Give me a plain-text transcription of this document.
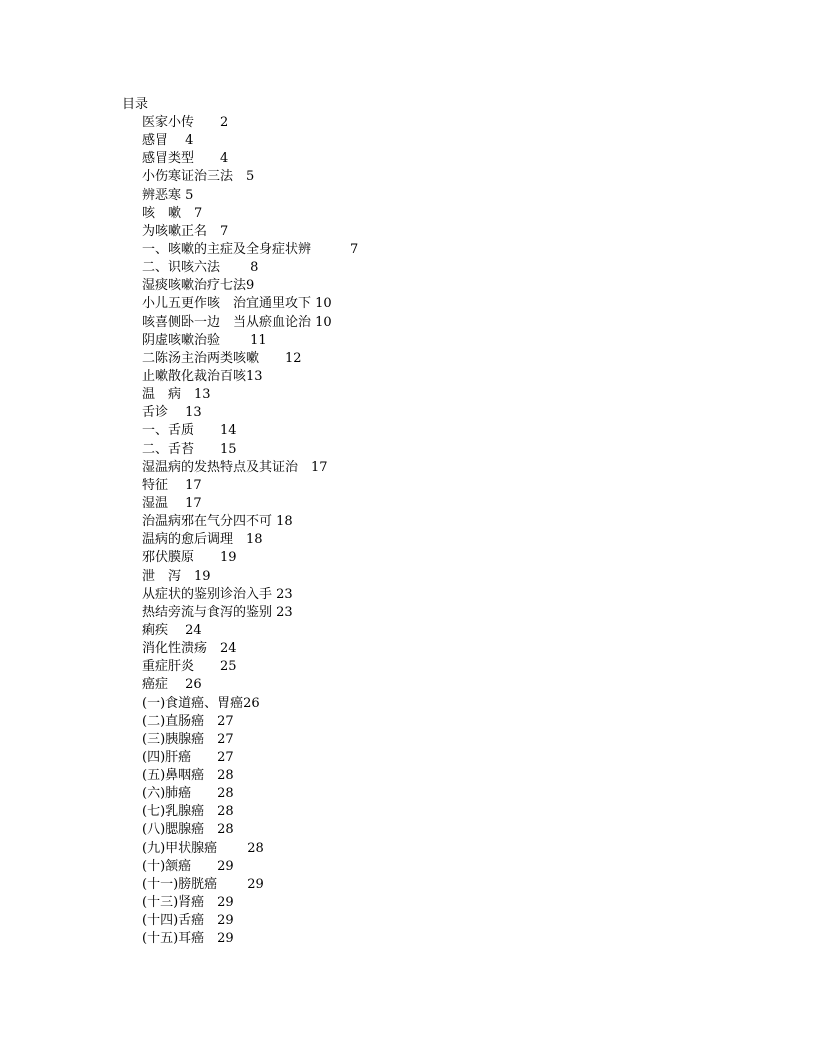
目录
医家小传　　2
感冒　 4
感冒类型　　4
小伤寒证治三法　5
辨恶寒 5
咳　嗽　7
为咳嗽正名　7
一、咳嗽的主症及全身症状辨　　　7
二、识咳六法　　 8
湿痰咳嗽治疗七法9
小儿五更作咳　治宜通里攻下 10
咳喜侧卧一边　当从瘀血论治 10
阴虚咳嗽治验　　 11
二陈汤主治两类咳嗽　　12
止嗽散化裁治百咳13
温　病　13
舌诊　 13
一、舌质　　14
二、舌苔　　15
湿温病的发热特点及其证治　17
特征　 17
湿温　 17
治温病邪在气分四不可 18
温病的愈后调理　18
邪伏膜原　　19
泄　泻　19
从症状的鉴别诊治入手 23
热结旁流与食泻的鉴别 23
痢疾　 24
消化性溃疡　24
重症肝炎　　25
癌症　 26
(一)食道癌、胃癌26
(二)直肠癌　27
(三)胰腺癌　27
(四)肝癌　　27
(五)鼻咽癌　28
(六)肺癌　　28
(七)乳腺癌　28
(八)腮腺癌　28
(九)甲状腺癌　　 28
(十)颔癌　　29
(十一)膀胱癌　　 29
(十三)肾癌　29
(十四)舌癌　29
(十五)耳癌　29
